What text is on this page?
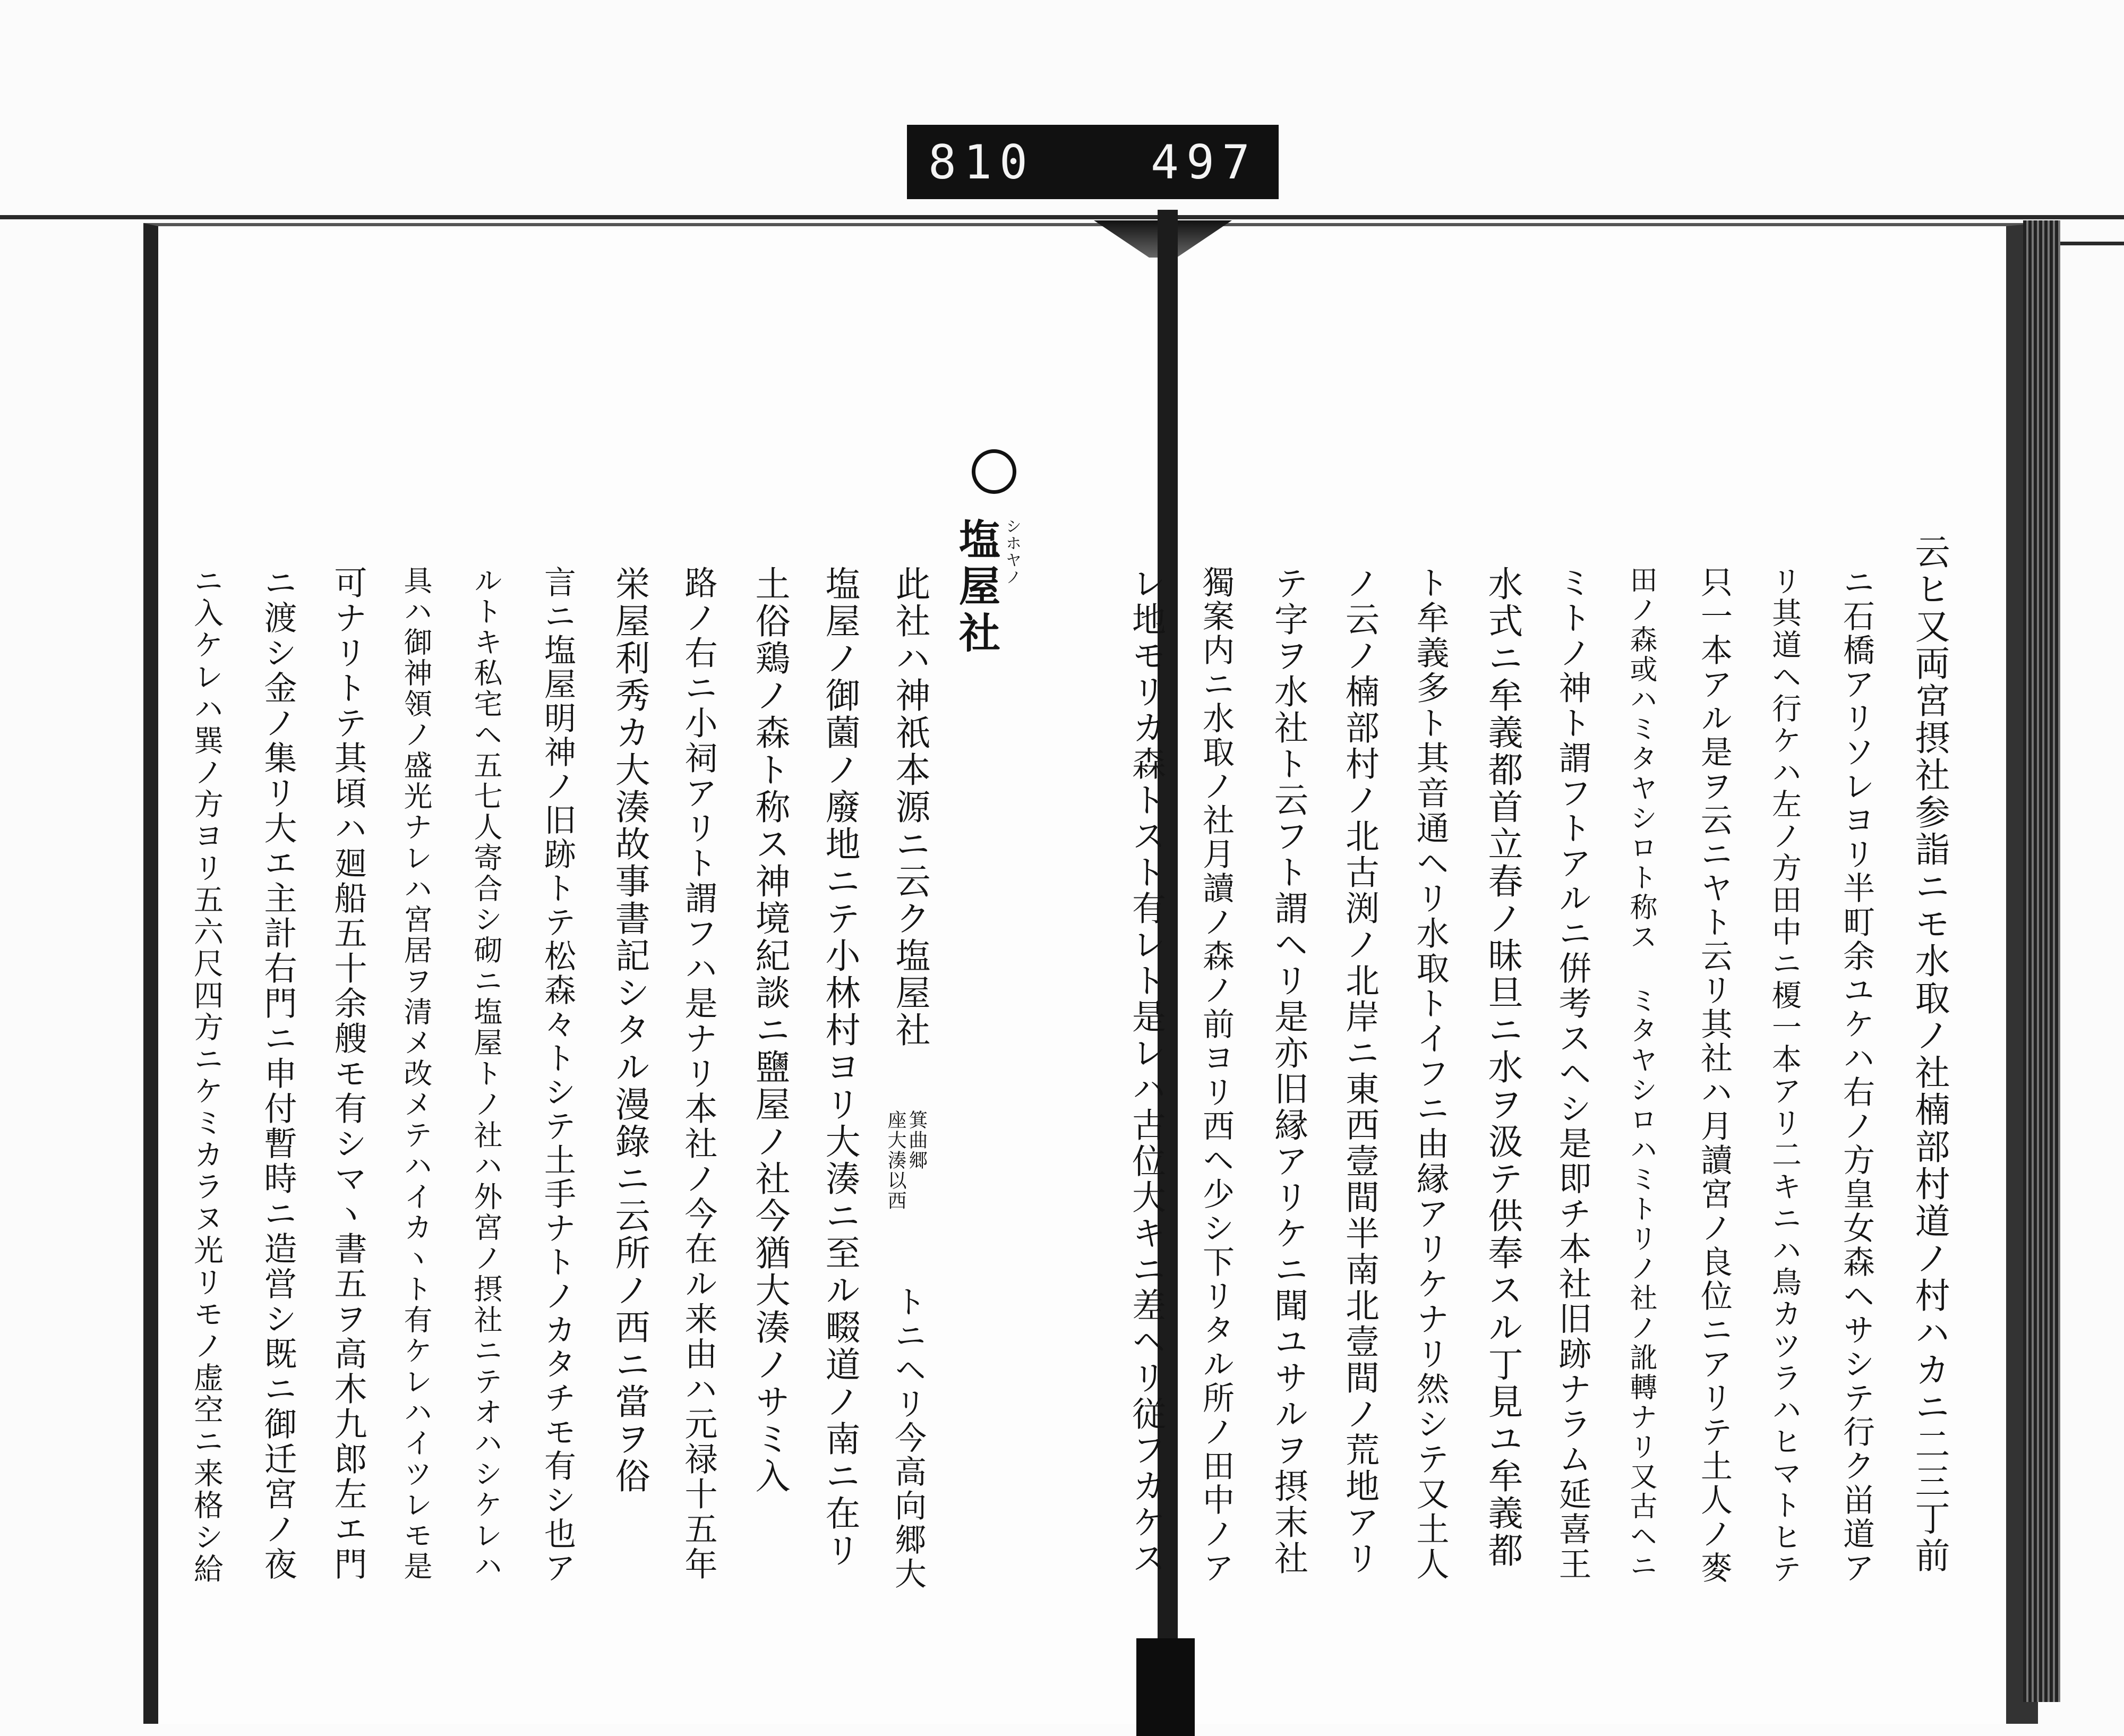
810 497
云ヒ又両宮摂社参詣ニモ水取ノ社楠部村道ノ村ハカニ二三丁前
ニ石橋アリソレヨリ半町余ユケハ右ノ方皇女森ヘサシテ行ク畄道ア
リ其道ヘ行ケハ左ノ方田中ニ榎一本アリ二キニハ鳥カツラハヒマトヒテ
只一本アル是ヲ云ニヤト云リ其社ハ月讀宮ノ良位ニアリテ土人ノ麥
田ノ森或ハミタヤシロト称ス ミタヤシロハミトリノ社ノ訛轉ナリ又古ヘニ
ミトノ神ト謂フトアルニ倂考スヘシ是即チ本社旧跡ナラム延喜王
水式ニ牟義都首立春ノ昧旦ニ水ヲ汲テ供奉スル丁見ユ牟義都
ト牟義多ト其音通ヘリ水取トイフニ由縁アリケナリ然シテ又土人
ノ云ノ楠部村ノ北古渕ノ北岸ニ東西壹間半南北壹間ノ荒地アリ
テ字ヲ水社ト云フト謂ヘリ是亦旧縁アリケニ聞ユサルヲ摂末社
獨案内ニ水取ノ社月讀ノ森ノ前ヨリ西ヘ少シ下リタル所ノ田中ノア
レ地モリカ森トスト有レト是レハ古位大キニ差ヘリ従フカケス
塩屋社 シホヤノ
此社ハ神祇本源ニ云ク塩屋社
箕曲郷
座大湊以西
トニヘリ今高向郷大
塩屋ノ御薗ノ廢地ニテ小林村ヨリ大湊ニ至ル畷道ノ南ニ在リ
土俗鶏ノ森ト称ス神境紀談ニ鹽屋ノ社今猶大湊ノサミ入
路ノ右ニ小祠アリト謂フハ是ナリ本社ノ今在ル来由ハ元禄十五年
栄屋利秀カ大湊故事書記シタル漫錄ニ云所ノ西ニ當ヲ俗
言ニ塩屋明神ノ旧跡トテ松森々トシテ土手ナトノカタチモ有シ也ア
ルトキ私宅ヘ五七人寄合シ砌ニ塩屋トノ社ハ外宮ノ摂社ニテオハシケレハ
具ハ御神領ノ盛光ナレハ宮居ヲ清メ改メテハイカヽト有ケレハイツレモ是
可ナリトテ其頃ハ廻船五十余艘モ有シマヽ書五ヲ高木九郎左エ門
ニ渡シ金ノ集リ大エ主計右門ニ申付暫時ニ造営シ既ニ御迁宮ノ夜
ニ入ケレハ巽ノ方ヨリ五六尺四方ニケミカラヌ光リモノ虚空ニ来格シ給
